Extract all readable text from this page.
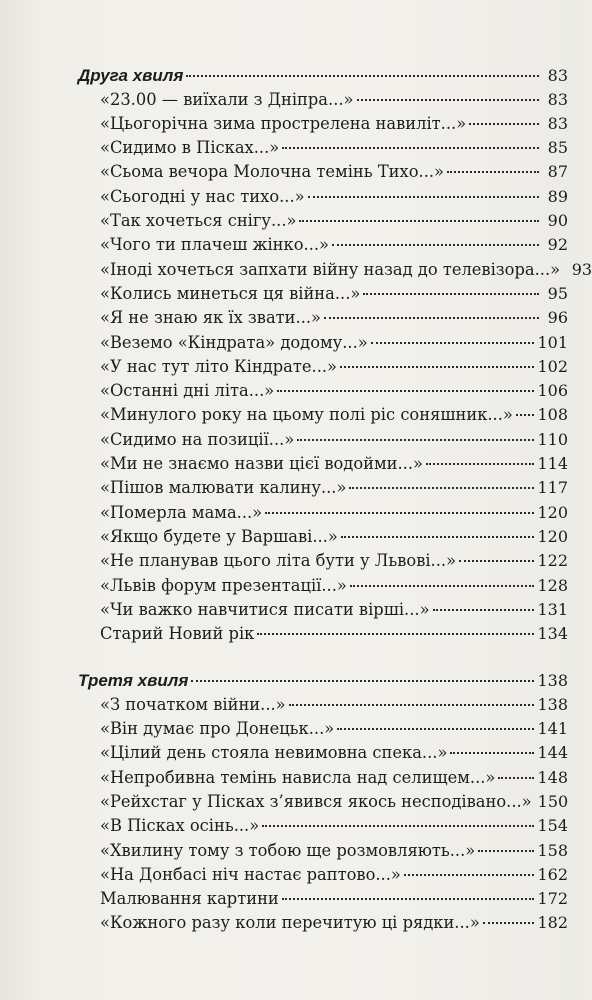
Друга хвиля	83
«23.00 — виїхали з Дніпра...»	83
«Цьогорічна зима прострелена навиліт...»	83
«Сидимо в Пісках...»	85
«Сьома вечора Молочна темінь Тихо...»	87
«Сьогодні у нас тихо...»	89
«Так хочеться снігу...»	90
«Чого ти плачеш жінко...»	92
«Іноді хочеться запхати війну назад до телевізора...» 93
«Колись минеться ця війна...»	95
«Я не знаю як їх звати...»	96
«Веземо «Кіндрата» додому...»	101
«У нас тут літо Кіндрате...»	102
«Останні дні літа...»	106
«Минулого року на цьому полі ріс соняшник...» 108
«Сидимо на позиції...»	110
«Ми не знаємо назви цієї водойми...»	114
«Пішов малювати калину...»	117
«Померла мама...»	120
«Якщо будете у Варшаві...»	120
«Не планував цього літа бути у Львові...»	122
«Львів форум презентації...»	128
«Чи важко навчитися писати вірші...»	131
Старий Новий рік	134
Третя хвиля	138
«З початком війни...»	138
«Він думає про Донецьк...»	141
«Цілий день стояла невимовна спека...»	144
«Непробивна темінь нависла над селищем...»	148
«Рейхстаг у Пісках з’явився якось несподівано...» 150
«В Пісках осінь...»	154
«Хвилину тому з тобою ще розмовляють...»	158
«На Донбасі ніч настає раптово...»	162
Малювання картини	172
«Кожного разу коли перечитую ці рядки...»	182
